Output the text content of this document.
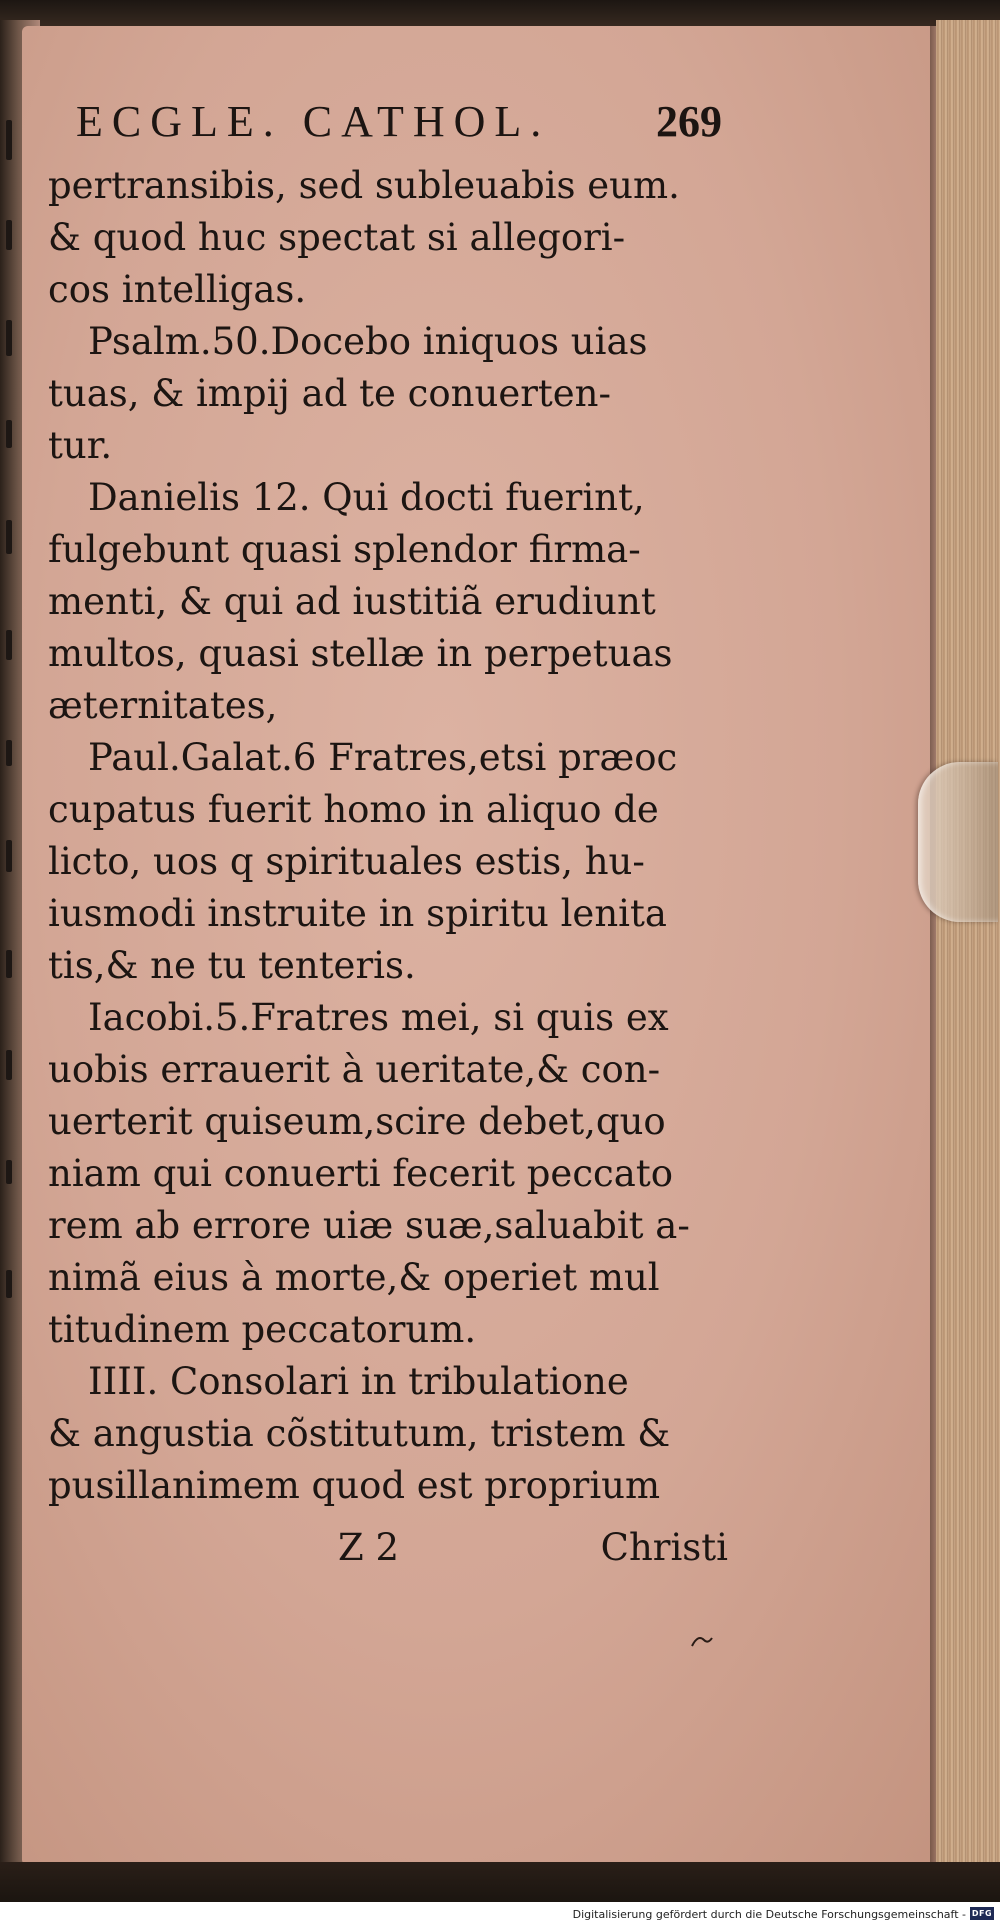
ECGLE. CATHOL. 269
pertransibis, sed subleuabis eum.
& quod huc spectat si allegori-
cos intelligas.
Psalm.50.Docebo iniquos uias
tuas, & impij ad te conuerten-
tur.
Danielis 12. Qui docti fuerint,
fulgebunt quasi splendor firma-
menti, & qui ad iustitiã erudiunt
multos, quasi stellæ in perpetuas
æternitates,
Paul.Galat.6 Fratres,etsi præoc
cupatus fuerit homo in aliquo de
licto, uos q spirituales estis, hu-
iusmodi instruite in spiritu lenita
tis,& ne tu tenteris.
Iacobi.5.Fratres mei, si quis ex
uobis errauerit à ueritate,& con-
uerterit quiseum,scire debet,quo
niam qui conuerti fecerit peccato
rem ab errore uiæ suæ,saluabit a-
nimã eius à morte,& operiet mul
titudinem peccatorum.
IIII. Consolari in tribulatione
& angustia cõstitutum, tristem &
pusillanimem quod est proprium
Z 2	Christi
Digitalisierung gefördert durch die Deutsche Forschungsgemeinschaft - DFG
